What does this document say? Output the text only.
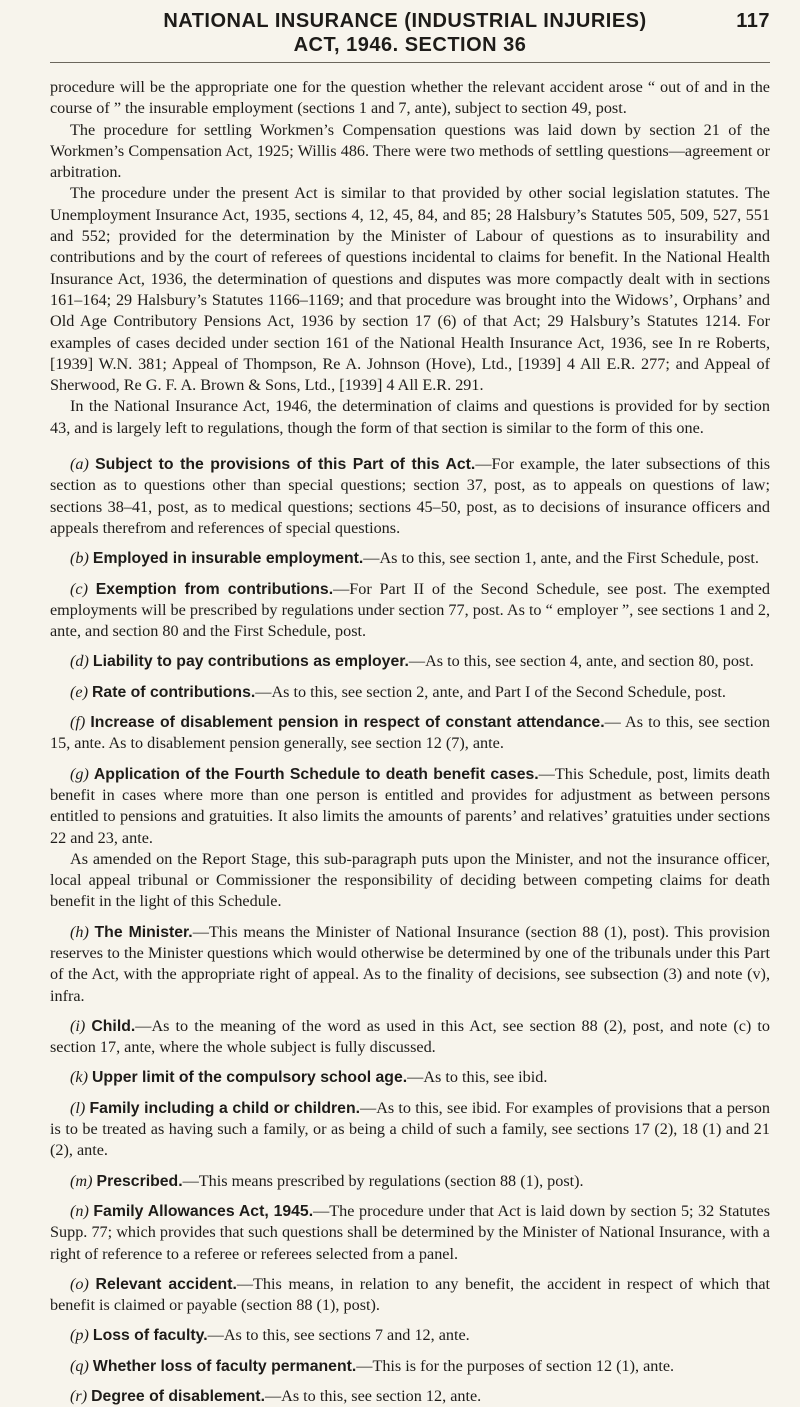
NATIONAL INSURANCE (INDUSTRIAL INJURIES)	117
ACT, 1946. SECTION 36

procedure will be the appropriate one for the question whether the relevant accident arose “ out of and in the course of ” the insurable employment (sections 1 and 7, ante), subject to section 49, post.

The procedure for settling Workmen’s Compensation questions was laid down by section 21 of the Workmen’s Compensation Act, 1925; Willis 486. There were two methods of settling questions—agreement or arbitration.

The procedure under the present Act is similar to that provided by other social legislation statutes. The Unemployment Insurance Act, 1935, sections 4, 12, 45, 84, and 85; 28 Halsbury’s Statutes 505, 509, 527, 551 and 552; provided for the determination by the Minister of Labour of questions as to insurability and contributions and by the court of referees of questions incidental to claims for benefit. In the National Health Insurance Act, 1936, the determination of questions and disputes was more compactly dealt with in sections 161–164; 29 Halsbury’s Statutes 1166–1169; and that procedure was brought into the Widows’, Orphans’ and Old Age Contributory Pensions Act, 1936 by section 17 (6) of that Act; 29 Halsbury’s Statutes 1214. For examples of cases decided under section 161 of the National Health Insurance Act, 1936, see In re Roberts, [1939] W.N. 381; Appeal of Thompson, Re A. Johnson (Hove), Ltd., [1939] 4 All E.R. 277; and Appeal of Sherwood, Re G. F. A. Brown & Sons, Ltd., [1939] 4 All E.R. 291.

In the National Insurance Act, 1946, the determination of claims and questions is provided for by section 43, and is largely left to regulations, though the form of that section is similar to the form of this one.

(a) Subject to the provisions of this Part of this Act.—For example, the later subsections of this section as to questions other than special questions; section 37, post, as to appeals on questions of law; sections 38–41, post, as to medical questions; sections 45–50, post, as to decisions of insurance officers and appeals therefrom and references of special questions.

(b) Employed in insurable employment.—As to this, see section 1, ante, and the First Schedule, post.

(c) Exemption from contributions.—For Part II of the Second Schedule, see post. The exempted employments will be prescribed by regulations under section 77, post. As to “ employer ”, see sections 1 and 2, ante, and section 80 and the First Schedule, post.

(d) Liability to pay contributions as employer.—As to this, see section 4, ante, and section 80, post.

(e) Rate of contributions.—As to this, see section 2, ante, and Part I of the Second Schedule, post.

(f) Increase of disablement pension in respect of constant attendance.— As to this, see section 15, ante. As to disablement pension generally, see section 12 (7), ante.

(g) Application of the Fourth Schedule to death benefit cases.—This Schedule, post, limits death benefit in cases where more than one person is entitled and provides for adjustment as between persons entitled to pensions and gratuities. It also limits the amounts of parents’ and relatives’ gratuities under sections 22 and 23, ante.

As amended on the Report Stage, this sub-paragraph puts upon the Minister, and not the insurance officer, local appeal tribunal or Commissioner the responsibility of deciding between competing claims for death benefit in the light of this Schedule.

(h) The Minister.—This means the Minister of National Insurance (section 88 (1), post). This provision reserves to the Minister questions which would otherwise be determined by one of the tribunals under this Part of the Act, with the appropriate right of appeal. As to the finality of decisions, see subsection (3) and note (v), infra.

(i) Child.—As to the meaning of the word as used in this Act, see section 88 (2), post, and note (c) to section 17, ante, where the whole subject is fully discussed.

(k) Upper limit of the compulsory school age.—As to this, see ibid.

(l) Family including a child or children.—As to this, see ibid. For examples of provisions that a person is to be treated as having such a family, or as being a child of such a family, see sections 17 (2), 18 (1) and 21 (2), ante.

(m) Prescribed.—This means prescribed by regulations (section 88 (1), post).

(n) Family Allowances Act, 1945.—The procedure under that Act is laid down by section 5; 32 Statutes Supp. 77; which provides that such questions shall be determined by the Minister of National Insurance, with a right of reference to a referee or referees selected from a panel.

(o) Relevant accident.—This means, in relation to any benefit, the accident in respect of which that benefit is claimed or payable (section 88 (1), post).

(p) Loss of faculty.—As to this, see sections 7 and 12, ante.

(q) Whether loss of faculty permanent.—This is for the purposes of section 12 (1), ante.

(r) Degree of disablement.—As to this, see section 12, ante.
